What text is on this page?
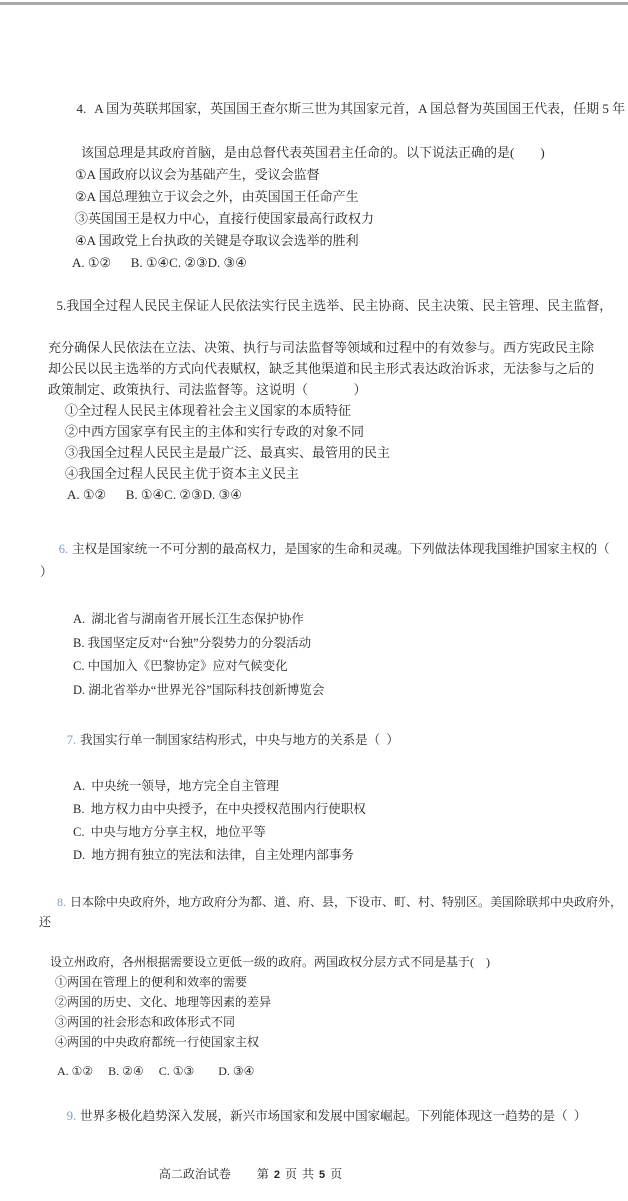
4. A 国为英联邦国家，英国国王查尔斯三世为其国家元首，A 国总督为英国国王代表，任期 5 年

该国总理是其政府首脑，是由总督代表英国君主任命的。以下说法正确的是(        )
①A 国政府以议会为基础产生，受议会监督
②A 国总理独立于议会之外，由英国国王任命产生
③英国国王是权力中心，直接行使国家最高行政权力
④A 国政党上台执政的关键是夺取议会选举的胜利
A. ①②      B. ①④C. ②③D. ③④

5.我国全过程人民民主保证人民依法实行民主选举、民主协商、民主决策、民主管理、民主监督，

充分确保人民依法在立法、决策、执行与司法监督等领域和过程中的有效参与。西方宪政民主除
却公民以民主选举的方式向代表赋权，缺乏其他渠道和民主形式表达政治诉求，无法参与之后的
政策制定、政策执行、司法监督等。这说明（              ）
①全过程人民民主体现着社会主义国家的本质特征
②中西方国家享有民主的主体和实行专政的对象不同
③我国全过程人民民主是最广泛、最真实、最管用的民主
④我国全过程人民民主优于资本主义民主
A. ①②      B. ①④C. ②③D. ③④

6. 主权是国家统一不可分割的最高权力，是国家的生命和灵魂。下列做法体现我国维护国家主权的（  ）

A.  湖北省与湖南省开展长江生态保护协作
B. 我国坚定反对“台独”分裂势力的分裂活动
C. 中国加入《巴黎协定》应对气候变化
D. 湖北省举办“世界光谷”国际科技创新博览会

7. 我国实行单一制国家结构形式，中央与地方的关系是（  ）

A.  中央统一领导，地方完全自主管理
B.  地方权力由中央授予，在中央授权范围内行使职权
C.  中央与地方分享主权，地位平等
D.  地方拥有独立的宪法和法律，自主处理内部事务

8. 日本除中央政府外，地方政府分为都、道、府、县，下设市、町、村、特别区。美国除联邦中央政府外，还

设立州政府，各州根据需要设立更低一级的政府。两国政权分层方式不同是基于(    )
①两国在管理上的便利和效率的需要
②两国的历史、文化、地理等因素的差异
③两国的社会形态和政体形式不同
④两国的中央政府都统一行使国家主权
A. ①②     B. ②④     C. ①③        D. ③④

9. 世界多极化趋势深入发展，新兴市场国家和发展中国家崛起。下列能体现这一趋势的是（  ）

高二政治试卷 第 2 页 共 5 页
